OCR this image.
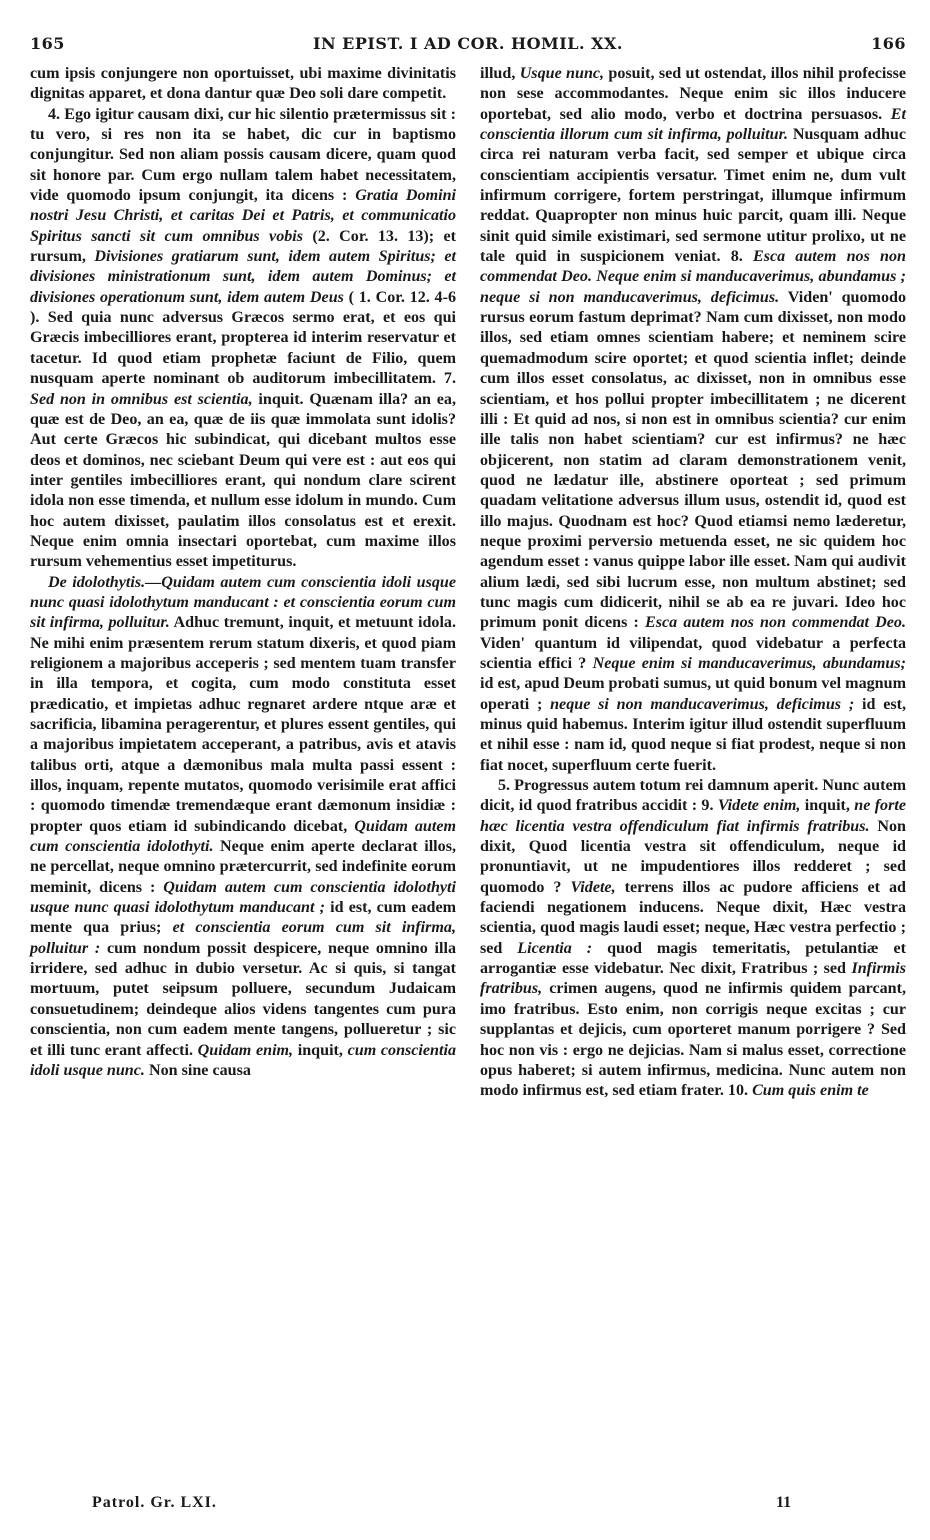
165	IN EPIST. I AD COR. HOMIL. XX.	166

cum ipsis conjungere non oportuisset, ubi maxime divinitatis dignitas apparet, et dona dantur quæ Deo soli dare competit.

4. Ego igitur causam dixi, cur hic silentio prætermissus sit : tu vero, si res non ita se habet, dic cur in baptismo conjungitur. Sed non aliam possis causam dicere, quam quod sit honore par. Cum ergo nullam talem habet necessitatem, vide quomodo ipsum conjungit, ita dicens : Gratia Domini nostri Jesu Christi, et caritas Dei et Patris, et communicatio Spiritus sancti sit cum omnibus vobis (2. Cor. 13. 13); et rursum, Divisiones gratiarum sunt, idem autem Spiritus; et divisiones ministrationum sunt, idem autem Dominus; et divisiones operationum sunt, idem autem Deus ( 1. Cor. 12. 4-6 ). Sed quia nunc adversus Græcos sermo erat, et eos qui Græcis imbecilliores erant, propterea id interim reservatur et tacetur. Id quod etiam prophetæ faciunt de Filio, quem nusquam aperte nominant ob auditorum imbecillitatem. 7. Sed non in omnibus est scientia, inquit. Quænam illa? an ea, quæ est de Deo, an ea, quæ de iis quæ immolata sunt idolis? Aut certe Græcos hic subindicat, qui dicebant multos esse deos et dominos, nec sciebant Deum qui vere est : aut eos qui inter gentiles imbecilliores erant, qui nondum clare scirent idola non esse timenda, et nullum esse idolum in mundo. Cum hoc autem dixisset, paulatim illos consolatus est et erexit. Neque enim omnia insectari oportebat, cum maxime illos rursum vehementius esset impetiturus.

De idolothytis.—Quidam autem cum conscientia idoli usque nunc quasi idolothytum manducant : et conscientia eorum cum sit infirma, polluitur. Adhuc tremunt, inquit, et metuunt idola. Ne mihi enim præsentem rerum statum dixeris, et quod piam religionem a majoribus acceperis ; sed mentem tuam transfer in illa tempora, et cogita, cum modo constituta esset prædicatio, et impietas adhuc regnaret ardere ntque aræ et sacrificia, libamina peragerentur, et plures essent gentiles, qui a majoribus impietatem acceperant, a patribus, avis et atavis talibus orti, atque a dæmonibus mala multa passi essent : illos, inquam, repente mutatos, quomodo verisimile erat affici : quomodo timendæ tremendæque erant dæmonum insidiæ : propter quos etiam id subindicando dicebat, Quidam autem cum conscientia idolothyti. Neque enim aperte declarat illos, ne percellat, neque omnino prætercurrit, sed indefinite eorum meminit, dicens : Quidam autem cum conscientia idolothyti usque nunc quasi idolothytum manducant ; id est, cum eadem mente qua prius; et conscientia eorum cum sit infirma, polluitur : cum nondum possit despicere, neque omnino illa irridere, sed adhuc in dubio versetur. Ac si quis, si tangat mortuum, putet seipsum polluere, secundum Judaicam consuetudinem; deindeque alios videns tangentes cum pura conscientia, non cum eadem mente tangens, pollueretur ; sic et illi tunc erant affecti. Quidam enim, inquit, cum conscientia idoli usque nunc. Non sine causa

illud, Usque nunc, posuit, sed ut ostendat, illos nihil profecisse non sese accommodantes. Neque enim sic illos inducere oportebat, sed alio modo, verbo et doctrina persuasos. Et conscientia illorum cum sit infirma, polluitur. Nusquam adhuc circa rei naturam verba facit, sed semper et ubique circa conscientiam accipientis versatur. Timet enim ne, dum vult infirmum corrigere, fortem perstringat, illumque infirmum reddat. Quapropter non minus huic parcit, quam illi. Neque sinit quid simile existimari, sed sermone utitur prolixo, ut ne tale quid in suspicionem veniat. 8. Esca autem nos non commendat Deo. Neque enim si manducaverimus, abundamus ; neque si non manducaverimus, deficimus. Viden' quomodo rursus eorum fastum deprimat? Nam cum dixisset, non modo illos, sed etiam omnes scientiam habere; et neminem scire quemadmodum scire oportet; et quod scientia inflet; deinde cum illos esset consolatus, ac dixisset, non in omnibus esse scientiam, et hos pollui propter imbecillitatem ; ne dicerent illi : Et quid ad nos, si non est in omnibus scientia? cur enim ille talis non habet scientiam? cur est infirmus? ne hæc objicerent, non statim ad claram demonstrationem venit, quod ne lædatur ille, abstinere oporteat ; sed primum quadam velitatione adversus illum usus, ostendit id, quod est illo majus. Quodnam est hoc? Quod etiamsi nemo læderetur, neque proximi perversio metuenda esset, ne sic quidem hoc agendum esset : vanus quippe labor ille esset. Nam qui audivit alium lædi, sed sibi lucrum esse, non multum abstinet; sed tunc magis cum didicerit, nihil se ab ea re juvari. Ideo hoc primum ponit dicens : Esca autem nos non commendat Deo. Viden' quantum id vilipendat, quod videbatur a perfecta scientia effici ? Neque enim si manducaverimus, abundamus; id est, apud Deum probati sumus, ut quid bonum vel magnum operati ; neque si non manducaverimus, deficimus ; id est, minus quid habemus. Interim igitur illud ostendit superfluum et nihil esse : nam id, quod neque si fiat prodest, neque si non fiat nocet, superfluum certe fuerit.

5. Progressus autem totum rei damnum aperit. Nunc autem dicit, id quod fratribus accidit : 9. Videte enim, inquit, ne forte hæc licentia vestra offendiculum fiat infirmis fratribus. Non dixit, Quod licentia vestra sit offendiculum, neque id pronuntiavit, ut ne impudentiores illos redderet ; sed quomodo ? Videte, terrens illos ac pudore afficiens et ad faciendi negationem inducens. Neque dixit, Hæc vestra scientia, quod magis laudi esset; neque, Hæc vestra perfectio ; sed Licentia : quod magis temeritatis, petulantiæ et arrogantiæ esse videbatur. Nec dixit, Fratribus ; sed Infirmis fratribus, crimen augens, quod ne infirmis quidem parcant, imo fratribus. Esto enim, non corrigis neque excitas ; cur supplantas et dejicis, cum oporteret manum porrigere ? Sed hoc non vis : ergo ne dejicias. Nam si malus esset, correctione opus haberet; si autem infirmus, medicina. Nunc autem non modo infirmus est, sed etiam frater. 10. Cum quis enim te

Patrol. Gr. LXI.	11
